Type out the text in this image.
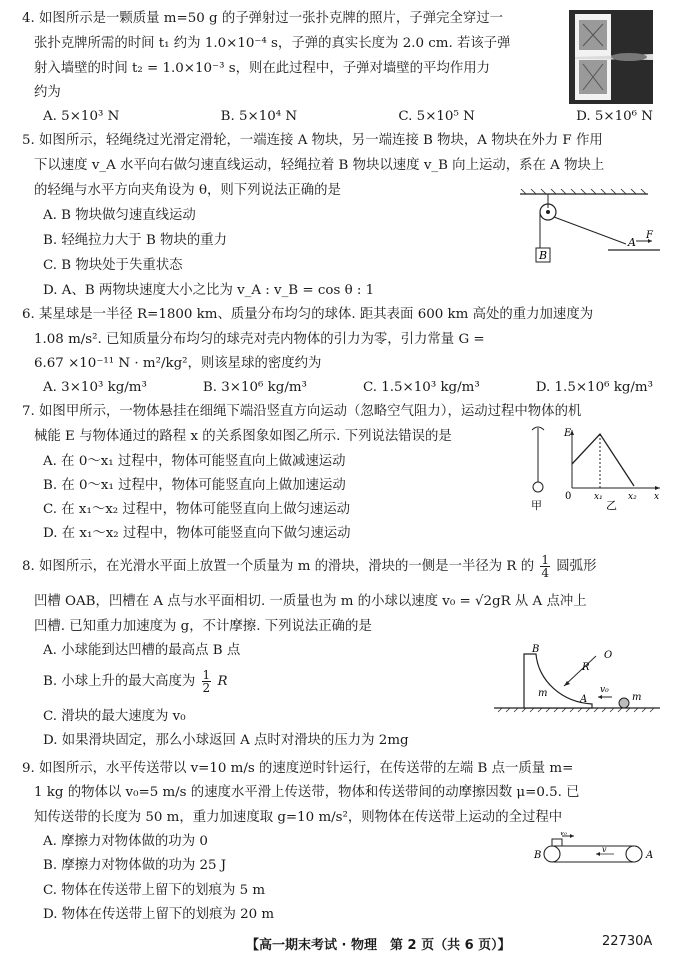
4. 如图所示是一颗质量 m=50 g 的子弹射过一张扑克牌的照片，子弹完全穿过一
张扑克牌所需的时间 t₁ 约为 1.0×10⁻⁴ s，子弹的真实长度为 2.0 cm. 若该子弹
射入墙壁的时间 t₂ = 1.0×10⁻³ s，则在此过程中，子弹对墙壁的平均作用力
约为
A. 5×10³ N	B. 5×10⁴ N	C. 5×10⁵ N	D. 5×10⁶ N
5. 如图所示，轻绳绕过光滑定滑轮，一端连接 A 物块，另一端连接 B 物块，A 物块在外力 F 作用
下以速度 v_A 水平向右做匀速直线运动，轻绳拉着 B 物块以速度 v_B 向上运动，系在 A 物块上
的轻绳与水平方向夹角设为 θ，则下列说法正确的是
A. B 物块做匀速直线运动
B. 轻绳拉力大于 B 物块的重力
C. B 物块处于失重状态
D. A、B 两物块速度大小之比为 v_A : v_B = cos θ : 1
B
A
F
6. 某星球是一半径 R=1800 km、质量分布均匀的球体. 距其表面 600 km 高处的重力加速度为
1.08 m/s². 已知质量分布均匀的球壳对壳内物体的引力为零，引力常量 G =
6.67 ×10⁻¹¹ N · m²/kg²，则该星球的密度约为
A. 3×10³ kg/m³	B. 3×10⁶ kg/m³	C. 1.5×10³ kg/m³	D. 1.5×10⁶ kg/m³
7. 如图甲所示，一物体悬挂在细绳下端沿竖直方向运动（忽略空气阻力），运动过程中物体的机
械能 E 与物体通过的路程 x 的关系图象如图乙所示. 下列说法错误的是
A. 在 0～x₁ 过程中，物体可能竖直向上做减速运动
B. 在 0～x₁ 过程中，物体可能竖直向上做加速运动
C. 在 x₁～x₂ 过程中，物体可能竖直向上做匀速运动
D. 在 x₁～x₂ 过程中，物体可能竖直向下做匀速运动
甲
E
0	x₁	x₂ x
乙
8. 如图所示，在光滑水平面上放置一个质量为 m 的滑块，滑块的一侧是一半径为 R 的 $\frac{1}{4}$ 圆弧形
凹槽 OAB，凹槽在 A 点与水平面相切. 一质量也为 m 的小球以速度 v₀ = √2gR 从 A 点冲上
凹槽. 已知重力加速度为 g，不计摩擦. 下列说法正确的是
A. 小球能到达凹槽的最高点 B 点
B. 小球上升的最大高度为 $\frac{1}{2}$ R
C. 滑块的最大速度为 v₀
D. 如果滑块固定，那么小球返回 A 点时对滑块的压力为 2mg
B
O
R
m
A
v₀
m
9. 如图所示，水平传送带以 v=10 m/s 的速度逆时针运行，在传送带的左端 B 点一质量 m=
1 kg 的物体以 v₀=5 m/s 的速度水平滑上传送带，物体和传送带间的动摩擦因数 μ=0.5. 已
知传送带的长度为 50 m，重力加速度取 g=10 m/s²，则物体在传送带上运动的全过程中
A. 摩擦力对物体做的功为 0
B. 摩擦力对物体做的功为 25 J
C. 物体在传送带上留下的划痕为 5 m
D. 物体在传送带上留下的划痕为 20 m
B
v₀
v
A
【高一期末考试 · 物理　第 2 页（共 6 页）】	22730A
